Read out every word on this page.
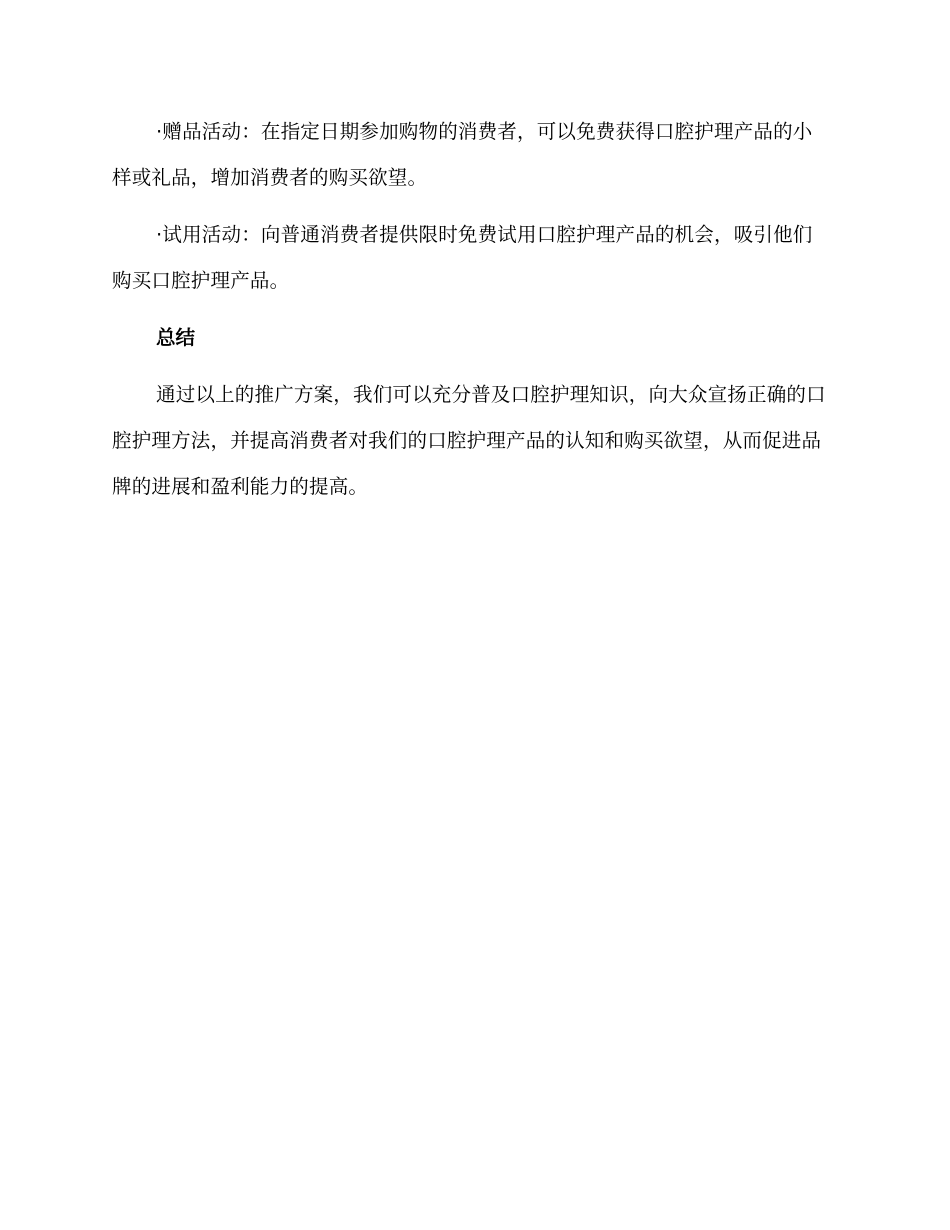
·赠品活动：在指定日期参加购物的消费者，可以免费获得口腔护理产品的小样或礼品，增加消费者的购买欲望。

·试用活动：向普通消费者提供限时免费试用口腔护理产品的机会，吸引他们购买口腔护理产品。

总结

通过以上的推广方案，我们可以充分普及口腔护理知识，向大众宣扬正确的口腔护理方法，并提高消费者对我们的口腔护理产品的认知和购买欲望，从而促进品牌的进展和盈利能力的提高。
